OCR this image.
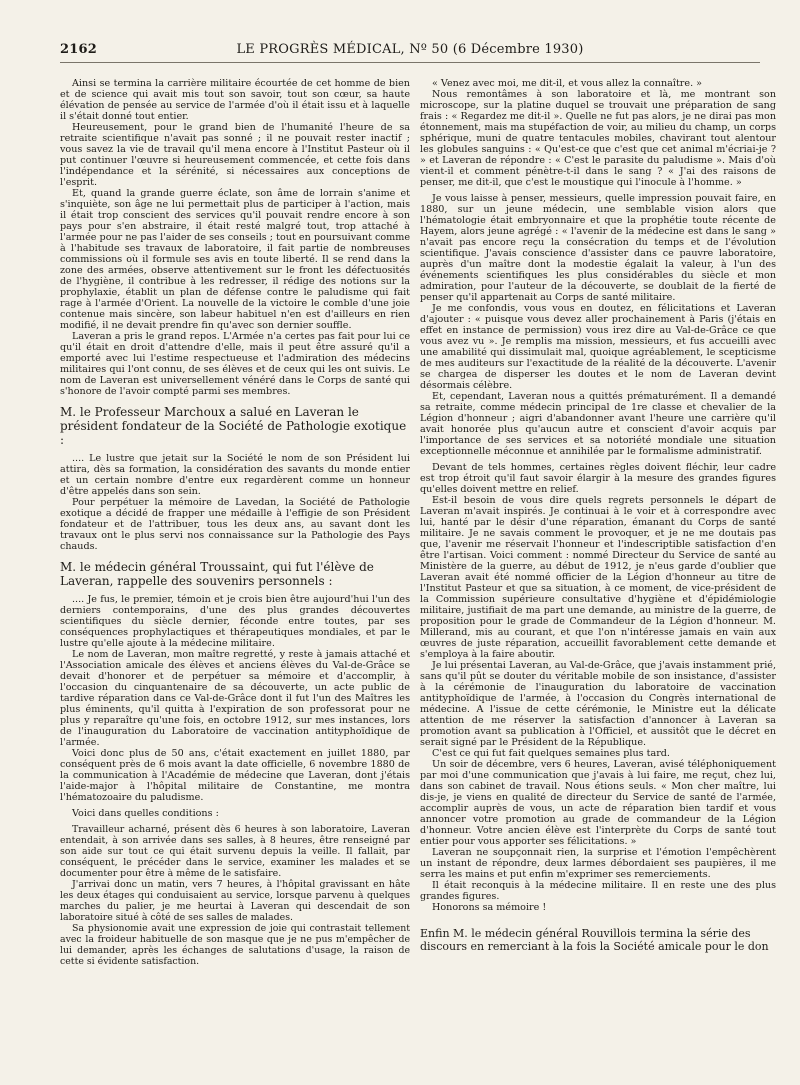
2162	LE PROGRÈS MÉDICAL, Nº 50 (6 Décembre 1930)

Ainsi se termina la carrière militaire écourtée de cet homme de bien et de science qui avait mis tout son savoir, tout son cœur, sa haute élévation de pensée au service de l'armée d'où il était issu et à laquelle il s'était donné tout entier.

Heureusement, pour le grand bien de l'humanité l'heure de sa retraite scientifique n'avait pas sonné ; il ne pouvait rester inactif ; vous savez la vie de travail qu'il mena encore à l'Institut Pasteur où il put continuer l'œuvre si heureusement commencée, et cette fois dans l'indépendance et la sérénité, si nécessaires aux conceptions de l'esprit.

Et, quand la grande guerre éclate, son âme de lorrain s'anime et s'inquiète, son âge ne lui permettait plus de participer à l'action, mais il était trop conscient des services qu'il pouvait rendre encore à son pays pour s'en abstraire, il était resté malgré tout, trop attaché à l'armée pour ne pas l'aider de ses conseils ; tout en poursuivant comme à l'habitude ses travaux de laboratoire, il fait partie de nombreuses commissions où il formule ses avis en toute liberté. Il se rend dans la zone des armées, observe attentivement sur le front les défectuosités de l'hygiène, il contribue à les redresser, il rédige des notions sur la prophylaxie, établit un plan de défense contre le paludisme qui fait rage à l'armée d'Orient. La nouvelle de la victoire le comble d'une joie contenue mais sincère, son labeur habituel n'en est d'ailleurs en rien modifié, il ne devait prendre fin qu'avec son dernier souffle.

Laveran a pris le grand repos. L'Armée n'a certes pas fait pour lui ce qu'il était en droit d'attendre d'elle, mais il peut être assuré qu'il a emporté avec lui l'estime respectueuse et l'admiration des médecins militaires qui l'ont connu, de ses élèves et de ceux qui les ont suivis. Le nom de Laveran est universellement vénéré dans le Corps de santé qui s'honore de l'avoir compté parmi ses membres.

M. le Professeur Marchoux a salué en Laveran le président fondateur de la Société de Pathologie exotique :

.... Le lustre que jetait sur la Société le nom de son Président lui attira, dès sa formation, la considération des savants du monde entier et un certain nombre d'entre eux regardèrent comme un honneur d'être appelés dans son sein.

Pour perpétuer la mémoire de Lavedan, la Société de Pathologie exotique a décidé de frapper une médaille à l'effigie de son Président fondateur et de l'attribuer, tous les deux ans, au savant dont les travaux ont le plus servi nos connaissance sur la Pathologie des Pays chauds.

M. le médecin général Troussaint, qui fut l'élève de Laveran, rappelle des souvenirs personnels :

.... Je fus, le premier, témoin et je crois bien être aujourd'hui l'un des derniers contemporains, d'une des plus grandes découvertes scientifiques du siècle dernier, féconde entre toutes, par ses conséquences prophylactiques et thérapeutiques mondiales, et par le lustre qu'elle ajoute à la médecine militaire.

Le nom de Laveran, mon maître regretté, y reste à jamais attaché et l'Association amicale des élèves et anciens élèves du Val-de-Grâce se devait d'honorer et de perpétuer sa mémoire et d'accomplir, à l'occasion du cinquantenaire de sa découverte, un acte public de tardive réparation dans ce Val-de-Grâce dont il fut l'un des Maîtres les plus éminents, qu'il quitta à l'expiration de son professorat pour ne plus y reparaître qu'une fois, en octobre 1912, sur mes instances, lors de l'inauguration du Laboratoire de vaccination antityphoïdique de l'armée.

Voici donc plus de 50 ans, c'était exactement en juillet 1880, par conséquent près de 6 mois avant la date officielle, 6 novembre 1880 de la communication à l'Académie de médecine que Laveran, dont j'étais l'aide-major à l'hôpital militaire de Constantine, me montra l'hématozoaire du paludisme.

Voici dans quelles conditions :

Travailleur acharné, présent dès 6 heures à son laboratoire, Laveran entendait, à son arrivée dans ses salles, à 8 heures, être renseigné par son aide sur tout ce qui était survenu depuis la veille. Il fallait, par conséquent, le précéder dans le service, examiner les malades et se documenter pour être à même de le satisfaire.

J'arrivai donc un matin, vers 7 heures, à l'hôpital gravissant en hâte les deux étages qui conduisaient au service, lorsque parvenu à quelques marches du palier, je me heurtai à Laveran qui descendait de son laboratoire situé à côté de ses salles de malades.

Sa physionomie avait une expression de joie qui contrastait tellement avec la froideur habituelle de son masque que je ne pus m'empêcher de lui demander, après les échanges de salutations d'usage, la raison de cette si évidente satisfaction.

« Venez avec moi, me dit-il, et vous allez la connaître. »

Nous remontâmes à son laboratoire et là, me montrant son microscope, sur la platine duquel se trouvait une préparation de sang frais : « Regardez me dit-il ». Quelle ne fut pas alors, je ne dirai pas mon étonnement, mais ma stupéfaction de voir, au milieu du champ, un corps sphérique, muni de quatre tentacules mobiles, chavirant tout alentour les globules sanguins : « Qu'est-ce que c'est que cet animal m'écriai-je ? » et Laveran de répondre : « C'est le parasite du paludisme ». Mais d'où vient-il et comment pénètre-t-il dans le sang ? « J'ai des raisons de penser, me dit-il, que c'est le moustique qui l'inocule à l'homme. »

Je vous laisse à penser, messieurs, quelle impression pouvait faire, en 1880, sur un jeune médecin, une semblable vision alors que l'hématologie était embryonnaire et que la prophétie toute récente de Hayem, alors jeune agrégé : « l'avenir de la médecine est dans le sang » n'avait pas encore reçu la consécration du temps et de l'évolution scientifique. J'avais conscience d'assister dans ce pauvre laboratoire, auprès d'un maître dont la modestie égalait la valeur, à l'un des événements scientifiques les plus considérables du siècle et mon admiration, pour l'auteur de la découverte, se doublait de la fierté de penser qu'il appartenait au Corps de santé militaire.

Je me confondis, vous vous en doutez, en félicitations et Laveran d'ajouter : « puisque vous devez aller prochainement à Paris (j'étais en effet en instance de permission) vous irez dire au Val-de-Grâce ce que vous avez vu ». Je remplis ma mission, messieurs, et fus accueilli avec une amabilité qui dissimulait mal, quoique agréablement, le scepticisme de mes auditeurs sur l'exactitude de la réalité de la découverte. L'avenir se chargea de disperser les doutes et le nom de Laveran devint désormais célèbre.

Et, cependant, Laveran nous a quittés prématurément. Il a demandé sa retraite, comme médecin principal de 1re classe et chevalier de la Légion d'honneur ; aigri d'abandonner avant l'heure une carrière qu'il avait honorée plus qu'aucun autre et conscient d'avoir acquis par l'importance de ses services et sa notoriété mondiale une situation exceptionnelle méconnue et annihilée par le formalisme administratif.

Devant de tels hommes, certaines règles doivent fléchir, leur cadre est trop étroit qu'il faut savoir élargir à la mesure des grandes figures qu'elles doivent mettre en relief.

Est-il besoin de vous dire quels regrets personnels le départ de Laveran m'avait inspirés. Je continuai à le voir et à correspondre avec lui, hanté par le désir d'une réparation, émanant du Corps de santé militaire. Je ne savais comment le provoquer, et je ne me doutais pas que, l'avenir me réservait l'honneur et l'indescriptible satisfaction d'en être l'artisan. Voici comment : nommé Directeur du Service de santé au Ministère de la guerre, au début de 1912, je n'eus garde d'oublier que Laveran avait été nommé officier de la Légion d'honneur au titre de l'Institut Pasteur et que sa situation, à ce moment, de vice-président de la Commission supérieure consultative d'hygiène et d'épidémiologie militaire, justifiait de ma part une demande, au ministre de la guerre, de proposition pour le grade de Commandeur de la Légion d'honneur. M. Millerand, mis au courant, et que l'on n'intéresse jamais en vain aux œuvres de juste réparation, accueillit favorablement cette demande et s'employa à la faire aboutir.

Je lui présentai Laveran, au Val-de-Grâce, que j'avais instamment prié, sans qu'il pût se douter du véritable mobile de son insistance, d'assister à la cérémonie de l'inauguration du laboratoire de vaccination antityphoïdique de l'armée, à l'occasion du Congrès international de médecine. A l'issue de cette cérémonie, le Ministre eut la délicate attention de me réserver la satisfaction d'annoncer à Laveran sa promotion avant sa publication à l'Officiel, et aussitôt que le décret en serait signé par le Président de la République.

C'est ce qui fut fait quelques semaines plus tard.

Un soir de décembre, vers 6 heures, Laveran, avisé téléphoniquement par moi d'une communication que j'avais à lui faire, me reçut, chez lui, dans son cabinet de travail. Nous étions seuls. « Mon cher maître, lui dis-je, je viens en qualité de directeur du Service de santé de l'armée, accomplir auprès de vous, un acte de réparation bien tardif et vous annoncer votre promotion au grade de commandeur de la Légion d'honneur. Votre ancien élève est l'interprète du Corps de santé tout entier pour vous apporter ses félicitations. »

Laveran ne soupçonnait rien, la surprise et l'émotion l'empêchèrent un instant de répondre, deux larmes débordaient ses paupières, il me serra les mains et put enfin m'exprimer ses remerciements.

Il était reconquis à la médecine militaire. Il en reste une des plus grandes figures.

Honorons sa mémoire !

Enfin M. le médecin général Rouvillois termina la série des discours en remerciant à la fois la Société amicale pour le don
